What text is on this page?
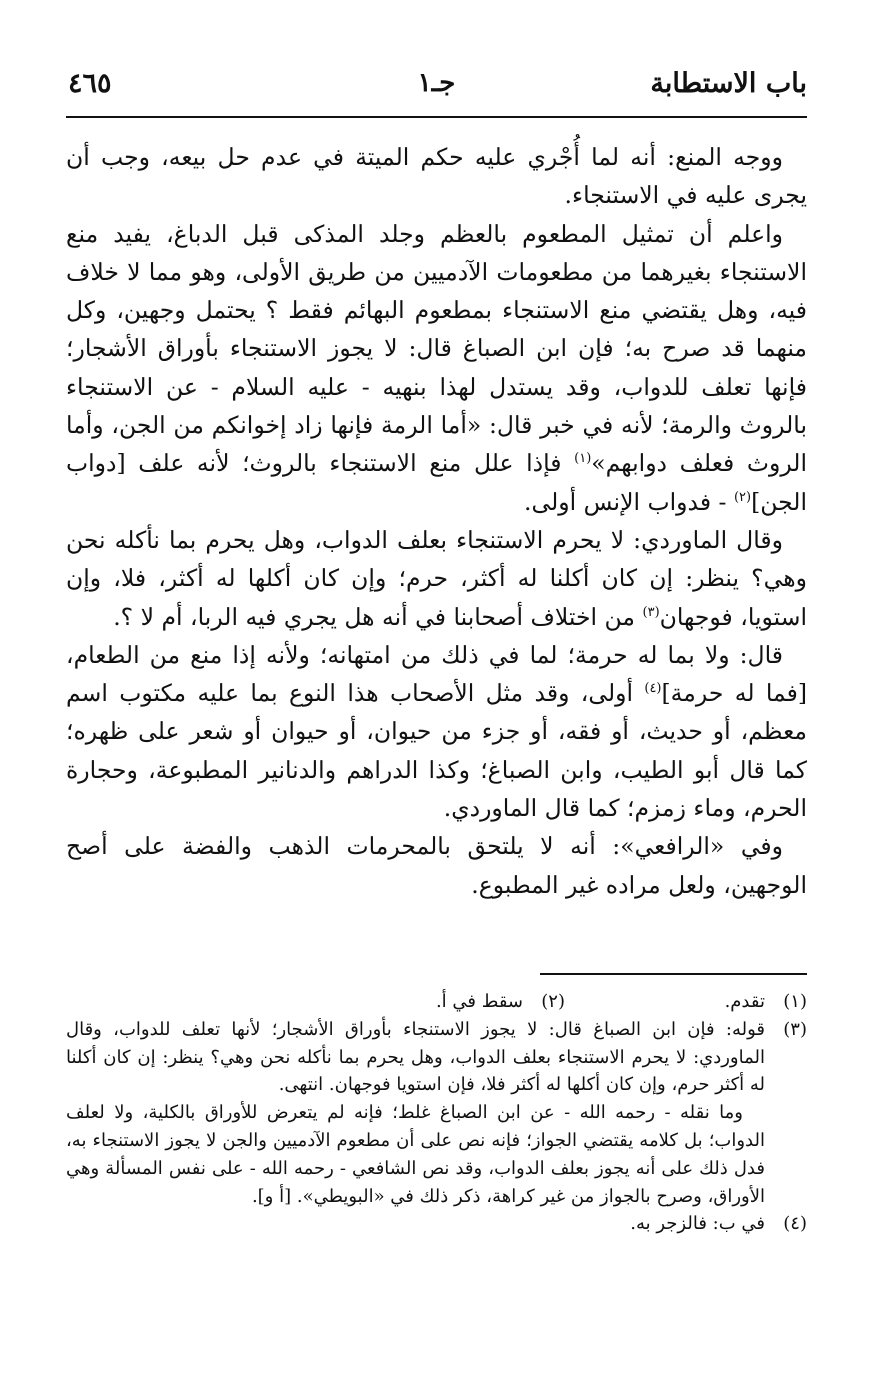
باب الاستطابة
جـ١
٤٦٥

ووجه المنع: أنه لما أُجْري عليه حكم الميتة في عدم حل بيعه، وجب أن يجرى عليه في الاستنجاء.

واعلم أن تمثيل المطعوم بالعظم وجلد المذكى قبل الدباغ، يفيد منع الاستنجاء بغيرهما من مطعومات الآدميين من طريق الأولى، وهو مما لا خلاف فيه، وهل يقتضي منع الاستنجاء بمطعوم البهائم فقط ؟ يحتمل وجهين، وكل منهما قد صرح به؛ فإن ابن الصباغ قال: لا يجوز الاستنجاء بأوراق الأشجار؛ فإنها تعلف للدواب، وقد يستدل لهذا بنهيه - عليه السلام - عن الاستنجاء بالروث والرمة؛ لأنه في خبر قال: «أما الرمة فإنها زاد إخوانكم من الجن، وأما الروث فعلف دوابهم»$^{(١)}$ فإذا علل منع الاستنجاء بالروث؛ لأنه علف [دواب الجن]$^{(٢)}$ - فدواب الإنس أولى.

وقال الماوردي: لا يحرم الاستنجاء بعلف الدواب، وهل يحرم بما نأكله نحن وهي؟ ينظر: إن كان أكلنا له أكثر، حرم؛ وإن كان أكلها له أكثر، فلا، وإن استويا، فوجهان$^{(٣)}$ من اختلاف أصحابنا في أنه هل يجري فيه الربا، أم لا ؟.

قال: ولا بما له حرمة؛ لما في ذلك من امتهانه؛ ولأنه إذا منع من الطعام، [فما له حرمة]$^{(٤)}$ أولى، وقد مثل الأصحاب هذا النوع بما عليه مكتوب اسم معظم، أو حديث، أو فقه، أو جزء من حيوان، أو حيوان أو شعر على ظهره؛ كما قال أبو الطيب، وابن الصباغ؛ وكذا الدراهم والدنانير المطبوعة، وحجارة الحرم، وماء زمزم؛ كما قال الماوردي.

وفي «الرافعي»: أنه لا يلتحق بالمحرمات الذهب والفضة على أصح الوجهين، ولعل مراده غير المطبوع.

(١)
تقدم.
(٢)
سقط في أ.
(٣)
قوله: فإن ابن الصباغ قال: لا يجوز الاستنجاء بأوراق الأشجار؛ لأنها تعلف للدواب، وقال الماوردي: لا يحرم الاستنجاء بعلف الدواب، وهل يحرم بما نأكله نحن وهي؟ ينظر: إن كان أكلنا له أكثر حرم، وإن كان أكلها له أكثر فلا، فإن استويا فوجهان. انتهى.
وما نقله - رحمه الله - عن ابن الصباغ غلط؛ فإنه لم يتعرض للأوراق بالكلية، ولا لعلف الدواب؛ بل كلامه يقتضي الجواز؛ فإنه نص على أن مطعوم الآدميين والجن لا يجوز الاستنجاء به، فدل ذلك على أنه يجوز بعلف الدواب، وقد نص الشافعي - رحمه الله - على نفس المسألة وهي الأوراق، وصرح بالجواز من غير كراهة، ذكر ذلك في «البويطي». [أ و].
(٤)
في ب: فالزجر به.
